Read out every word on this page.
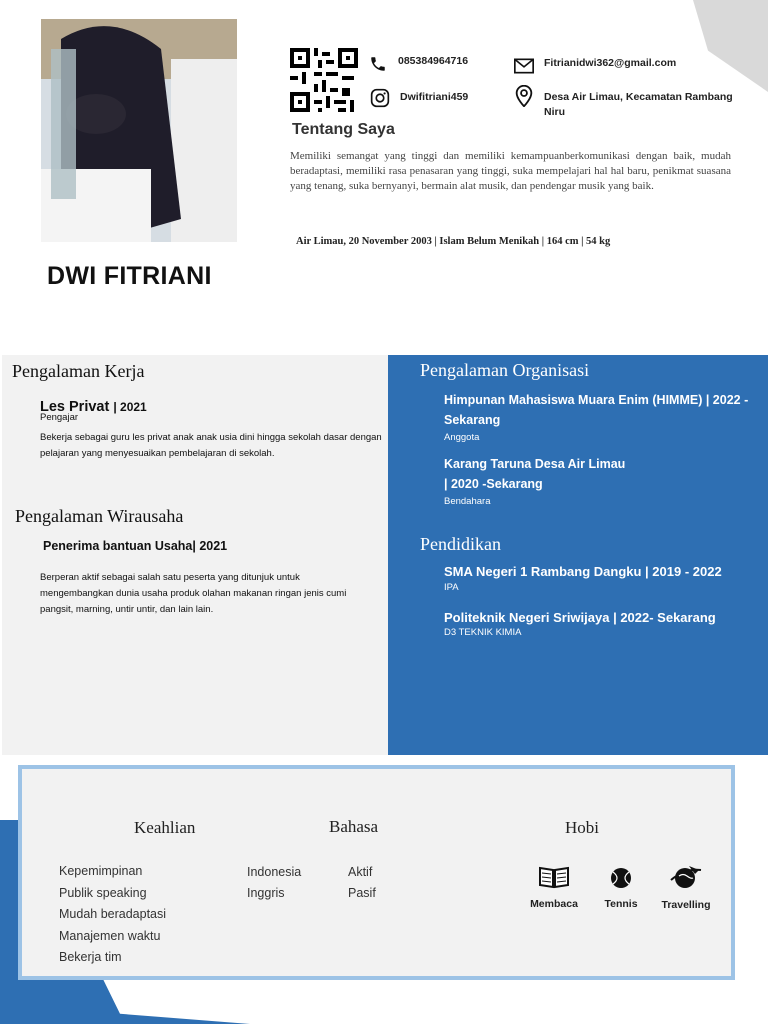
DWI FITRIANI
085384964716	Fitrianidwi362@gmail.com
Dwifitriani459	Desa Air Limau, Kecamatan Rambang Niru
Tentang Saya
Memiliki semangat yang tinggi dan memiliki kemampuanberkomunikasi dengan baik, mudah beradaptasi, memiliki rasa penasaran yang tinggi, suka mempelajari hal hal baru, penikmat suasana yang tenang, suka bernyanyi, bermain alat musik, dan pendengar musik yang baik.
Air Limau, 20 November 2003 | Islam Belum Menikah | 164 cm | 54 kg
Pengalaman Kerja
Les Privat | 2021
Pengajar
Bekerja sebagai guru les privat anak anak usia dini hingga sekolah dasar dengan pelajaran yang menyesuaikan pembelajaran di sekolah.
Pengalaman Wirausaha
Penerima bantuan Usaha| 2021
Berperan aktif sebagai salah satu peserta yang ditunjuk untuk mengembangkan dunia usaha produk olahan makanan ringan jenis cumi pangsit, marning, untir untir, dan lain lain.
Pengalaman Organisasi
Himpunan Mahasiswa Muara Enim (HIMME) | 2022 - Sekarang
Anggota
Karang Taruna Desa Air Limau
| 2020 -Sekarang
Bendahara
Pendidikan
SMA Negeri 1 Rambang Dangku | 2019 - 2022
IPA
Politeknik Negeri Sriwijaya | 2022- Sekarang
D3 TEKNIK KIMIA
Keahlian
Kepemimpinan
Publik speaking
Mudah beradaptasi
Manajemen waktu
Bekerja tim
Bahasa
Indonesia	Aktif
Inggris	Pasif
Hobi
Membaca	Tennis	Travelling
